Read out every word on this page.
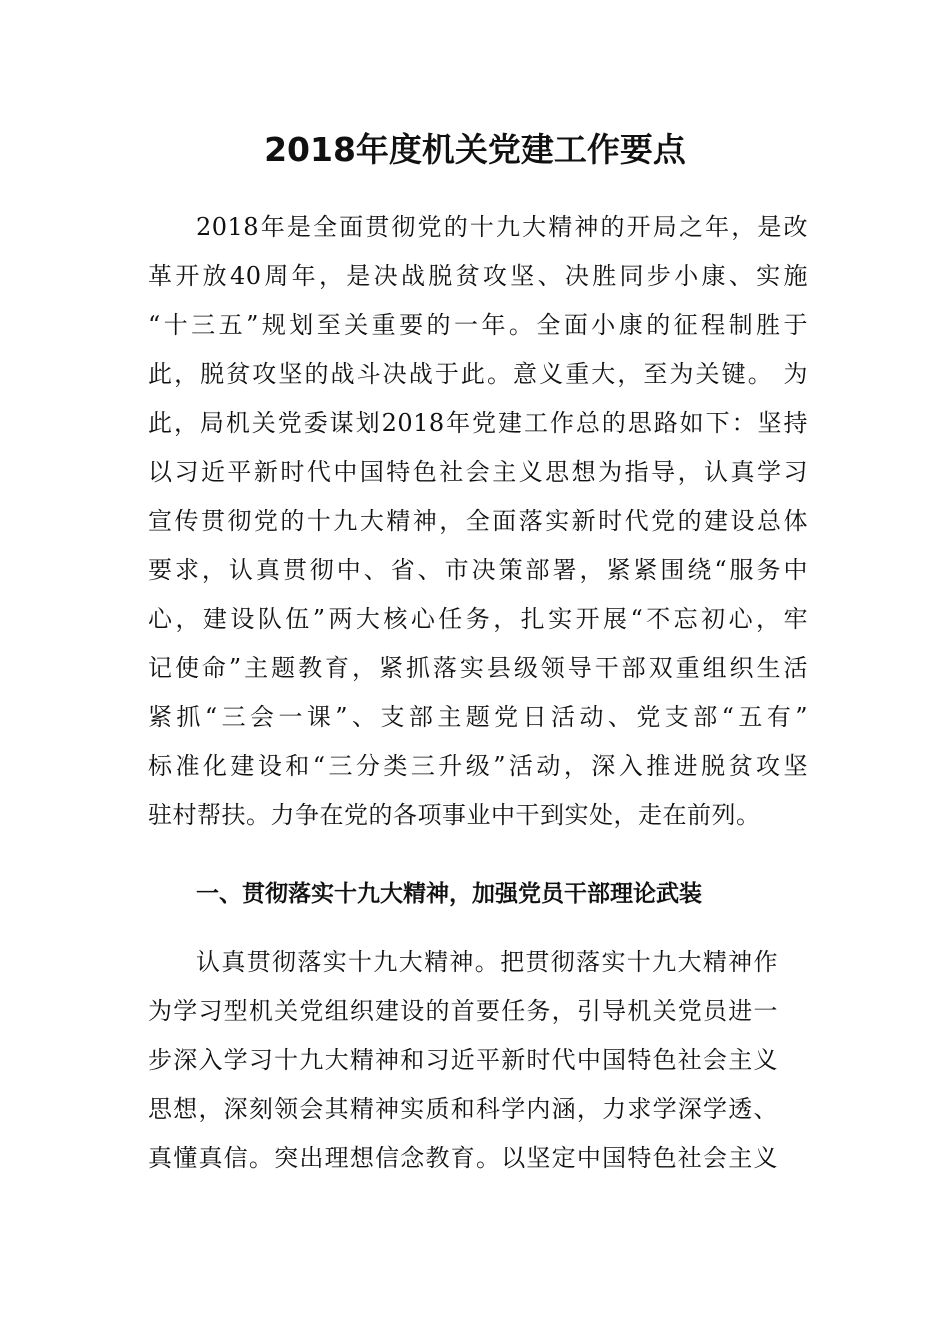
2018年度机关党建工作要点
2018年是全面贯彻党的十九大精神的开局之年，是改
革开放40周年，是决战脱贫攻坚、决胜同步小康、实施
“十三五”规划至关重要的一年。全面小康的征程制胜于
此，脱贫攻坚的战斗决战于此。意义重大，至为关键。 为
此，局机关党委谋划2018年党建工作总的思路如下：坚持
以习近平新时代中国特色社会主义思想为指导，认真学习
宣传贯彻党的十九大精神，全面落实新时代党的建设总体
要求，认真贯彻中、省、市决策部署，紧紧围绕“服务中
心，建设队伍”两大核心任务，扎实开展“不忘初心，牢
记使命”主题教育，紧抓落实县级领导干部双重组织生活
紧抓“三会一课”、支部主题党日活动、党支部“五有”
标准化建设和“三分类三升级”活动，深入推进脱贫攻坚
驻村帮扶。力争在党的各项事业中干到实处，走在前列。
一、贯彻落实十九大精神，加强党员干部理论武装
认真贯彻落实十九大精神。把贯彻落实十九大精神作
为学习型机关党组织建设的首要任务，引导机关党员进一
步深入学习十九大精神和习近平新时代中国特色社会主义
思想，深刻领会其精神实质和科学内涵，力求学深学透、
真懂真信。突出理想信念教育。以坚定中国特色社会主义
